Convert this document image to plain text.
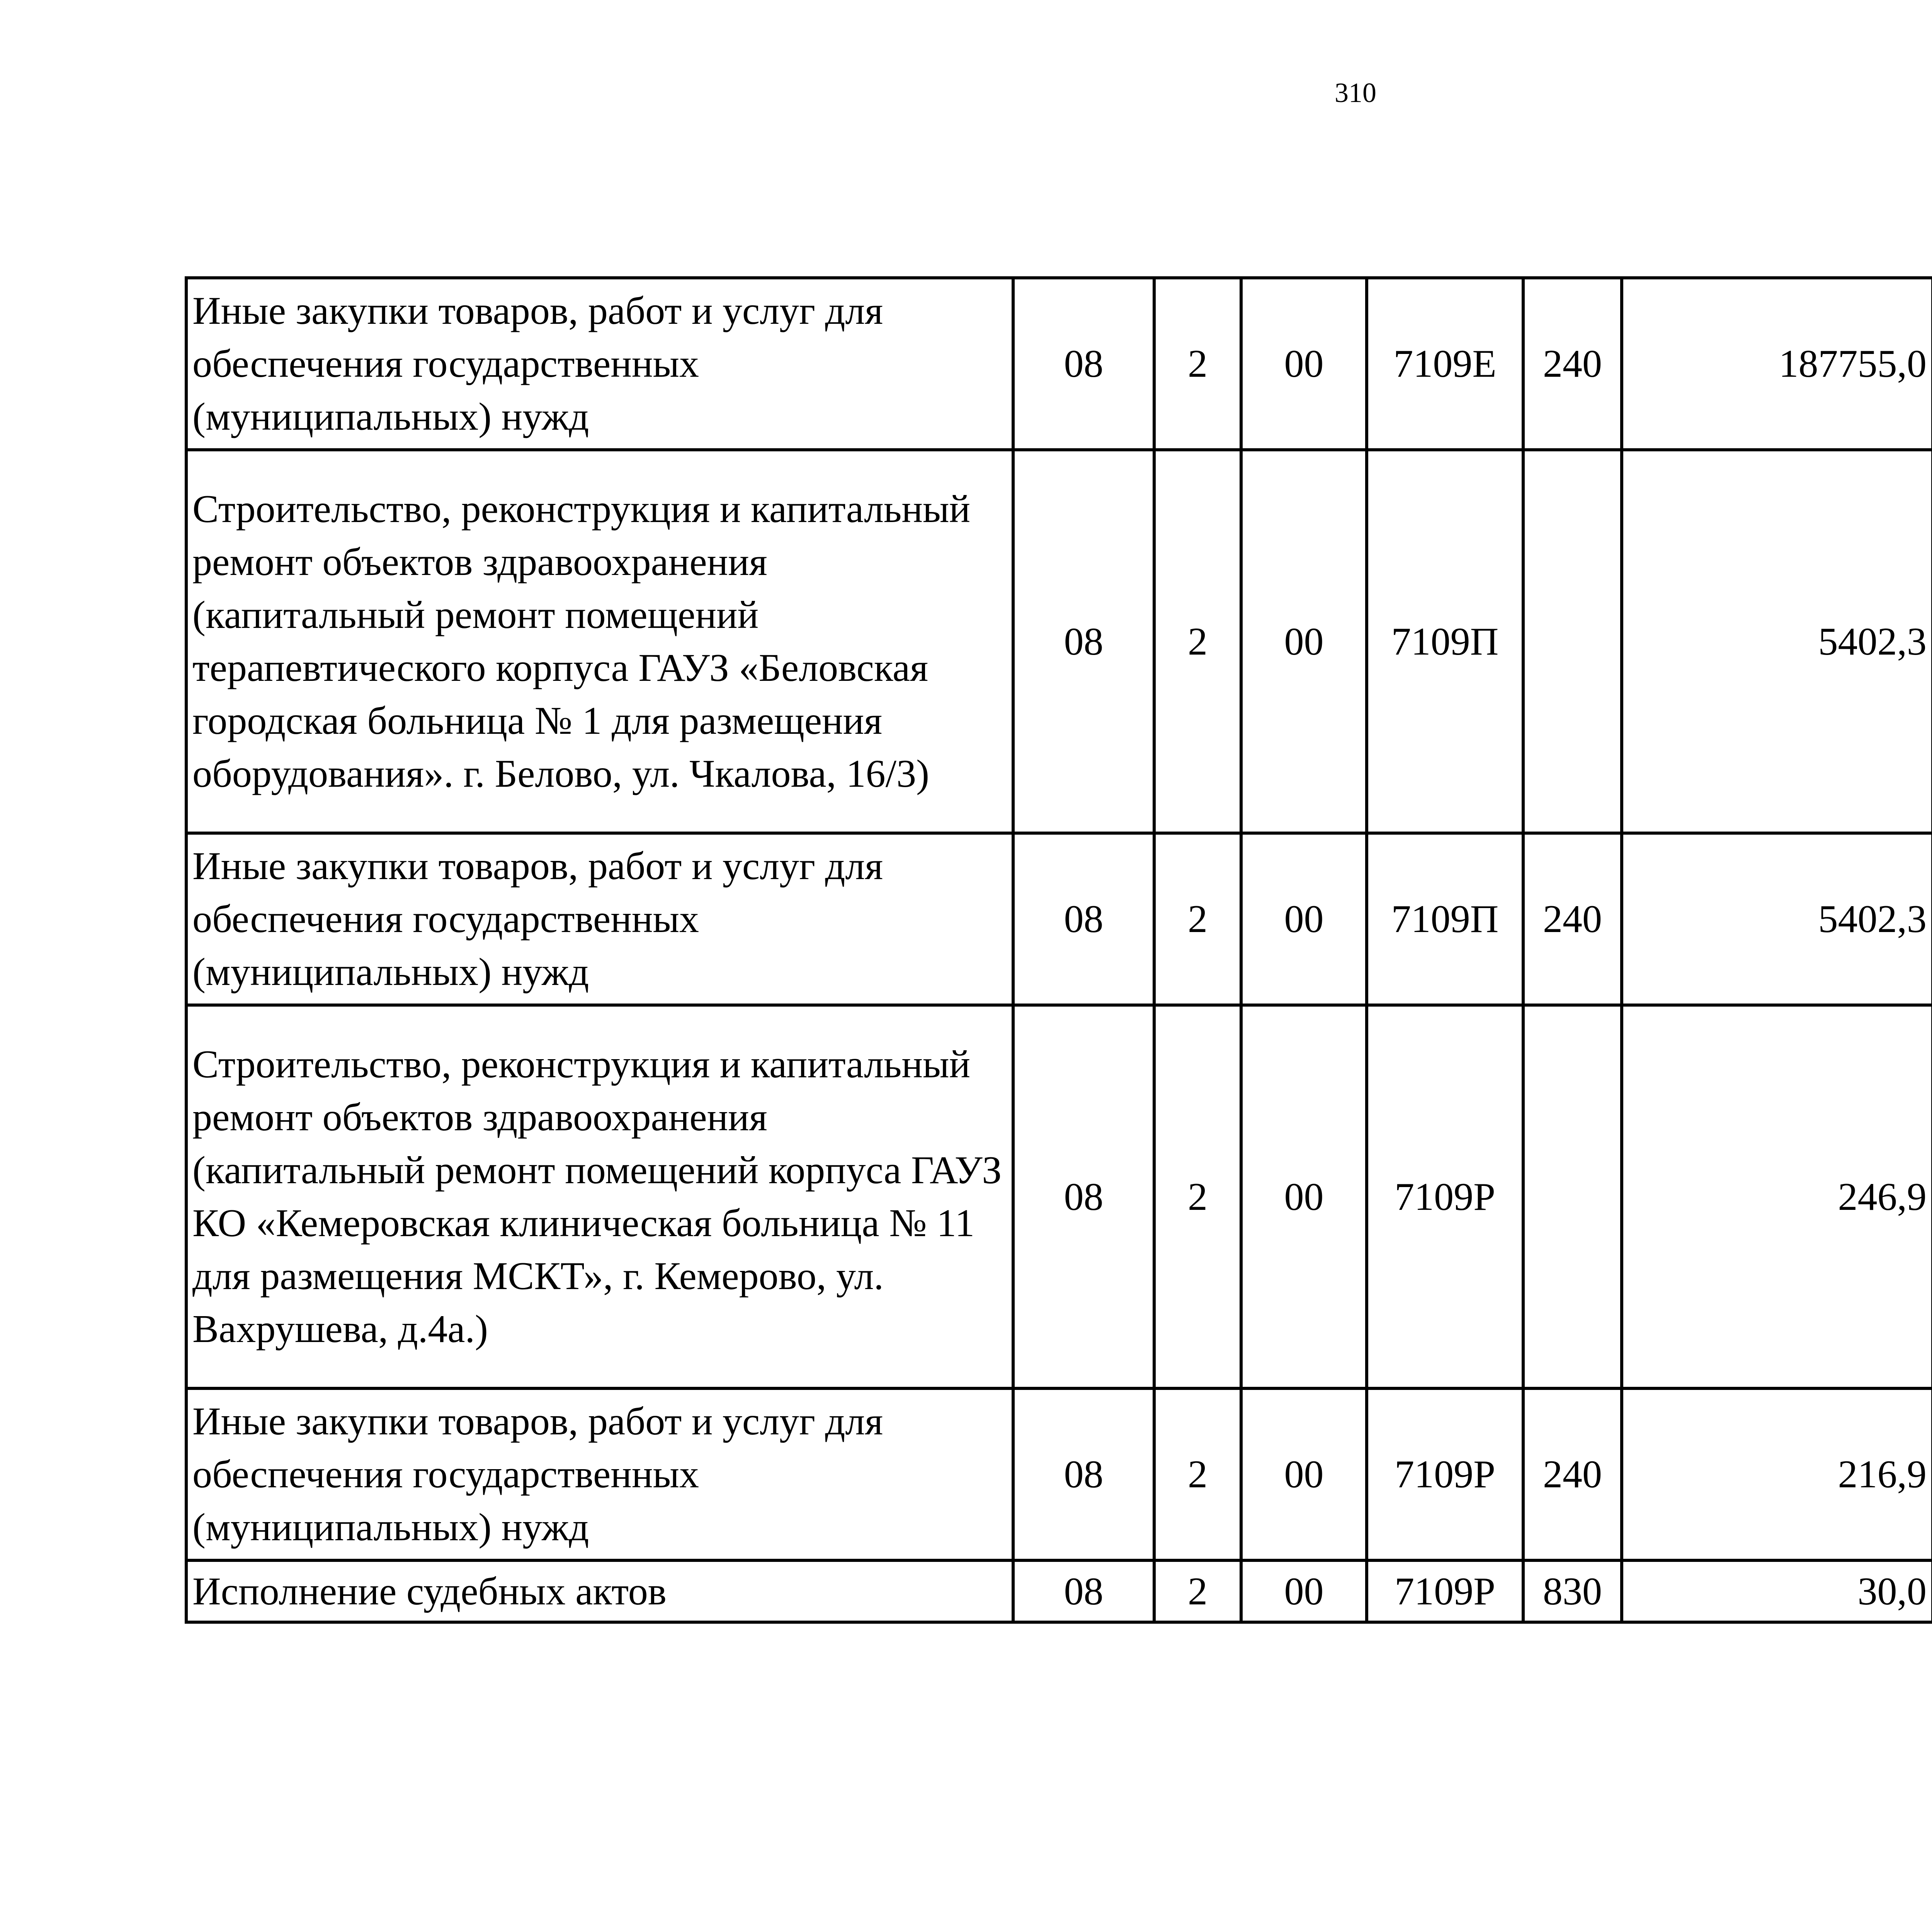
310
Иные закупки товаров, работ и услуг для обеспечения государственных (муниципальных) нужд	08	2	00	7109Е	240	187755,0		
Строительство, реконструкция и капитальный ремонт объектов здравоохранения (капитальный ремонт помещений терапевтического корпуса ГАУЗ «Беловская городская больница № 1 для размещения оборудования». г. Белово, ул. Чкалова, 16/3)	08	2	00	7109П		5402,3		
Иные закупки товаров, работ и услуг для обеспечения государственных (муниципальных) нужд	08	2	00	7109П	240	5402,3		
Строительство, реконструкция и капитальный ремонт объектов здравоохранения (капитальный ремонт помещений корпуса ГАУЗ КО «Кемеровская клиническая больница № 11 для размещения МСКТ», г. Кемерово, ул. Вахрушева, д.4а.)	08	2	00	7109Р		246,9		
Иные закупки товаров, работ и услуг для обеспечения государственных (муниципальных) нужд	08	2	00	7109Р	240	216,9		
Исполнение судебных актов	08	2	00	7109Р	830	30,0		
